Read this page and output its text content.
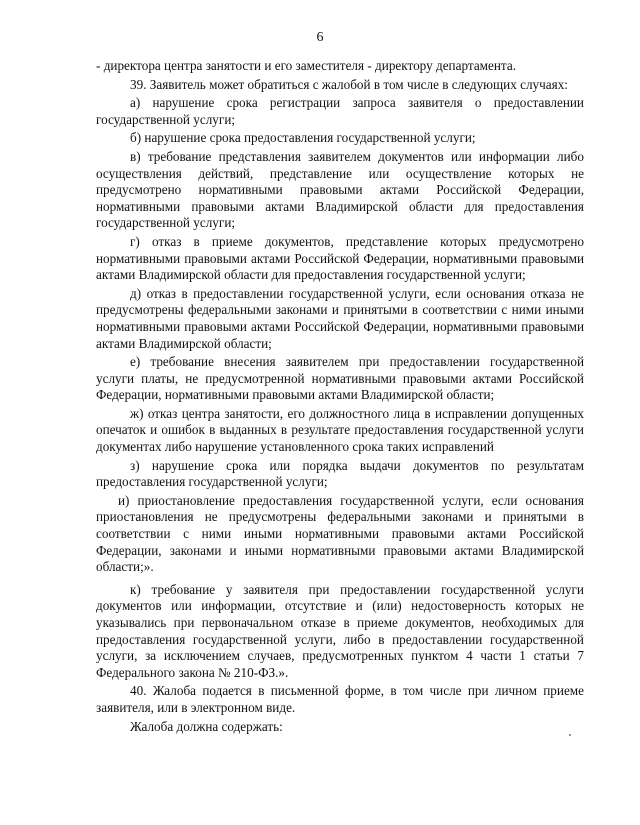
6

- директора центра занятости и его заместителя - директору департамента.

39. Заявитель может обратиться с жалобой в том числе в следующих случаях:

а) нарушение срока регистрации запроса заявителя о предоставлении государственной услуги;

б) нарушение срока предоставления государственной услуги;

в) требование представления заявителем документов или информации либо осуществления действий, представление или осуществление которых не предусмотрено нормативными правовыми актами Российской Федерации, нормативными правовыми актами Владимирской области для предоставления государственной услуги;

г) отказ в приеме документов, представление которых предусмотрено нормативными правовыми актами Российской Федерации, нормативными правовыми актами Владимирской области для предоставления государственной услуги;

д) отказ в предоставлении государственной услуги, если основания отказа не предусмотрены федеральными законами и принятыми в соответствии с ними иными нормативными правовыми актами Российской Федерации, нормативными правовыми актами Владимирской области;

е) требование внесения заявителем при предоставлении государственной услуги платы, не предусмотренной нормативными правовыми актами Российской Федерации, нормативными правовыми актами Владимирской области;

ж) отказ центра занятости, его должностного лица в исправлении допущенных опечаток и ошибок в выданных в результате предоставления государственной услуги документах либо нарушение установленного срока таких исправлений

з) нарушение срока или порядка выдачи документов по результатам предоставления государственной услуги;

и) приостановление предоставления государственной услуги, если основания приостановления не предусмотрены федеральными законами и принятыми в соответствии с ними иными нормативными правовыми актами Российской Федерации, законами и иными нормативными правовыми актами Владимирской области;».

к) требование у заявителя при предоставлении государственной услуги документов или информации, отсутствие и (или) недостоверность которых не указывались при первоначальном отказе в приеме документов, необходимых для предоставления государственной услуги, либо в предоставлении государственной услуги, за исключением случаев, предусмотренных пунктом 4 части 1 статьи 7 Федерального закона № 210-ФЗ.».

40. Жалоба подается в письменной форме, в том числе при личном приеме заявителя, или в электронном виде.

Жалоба должна содержать:
